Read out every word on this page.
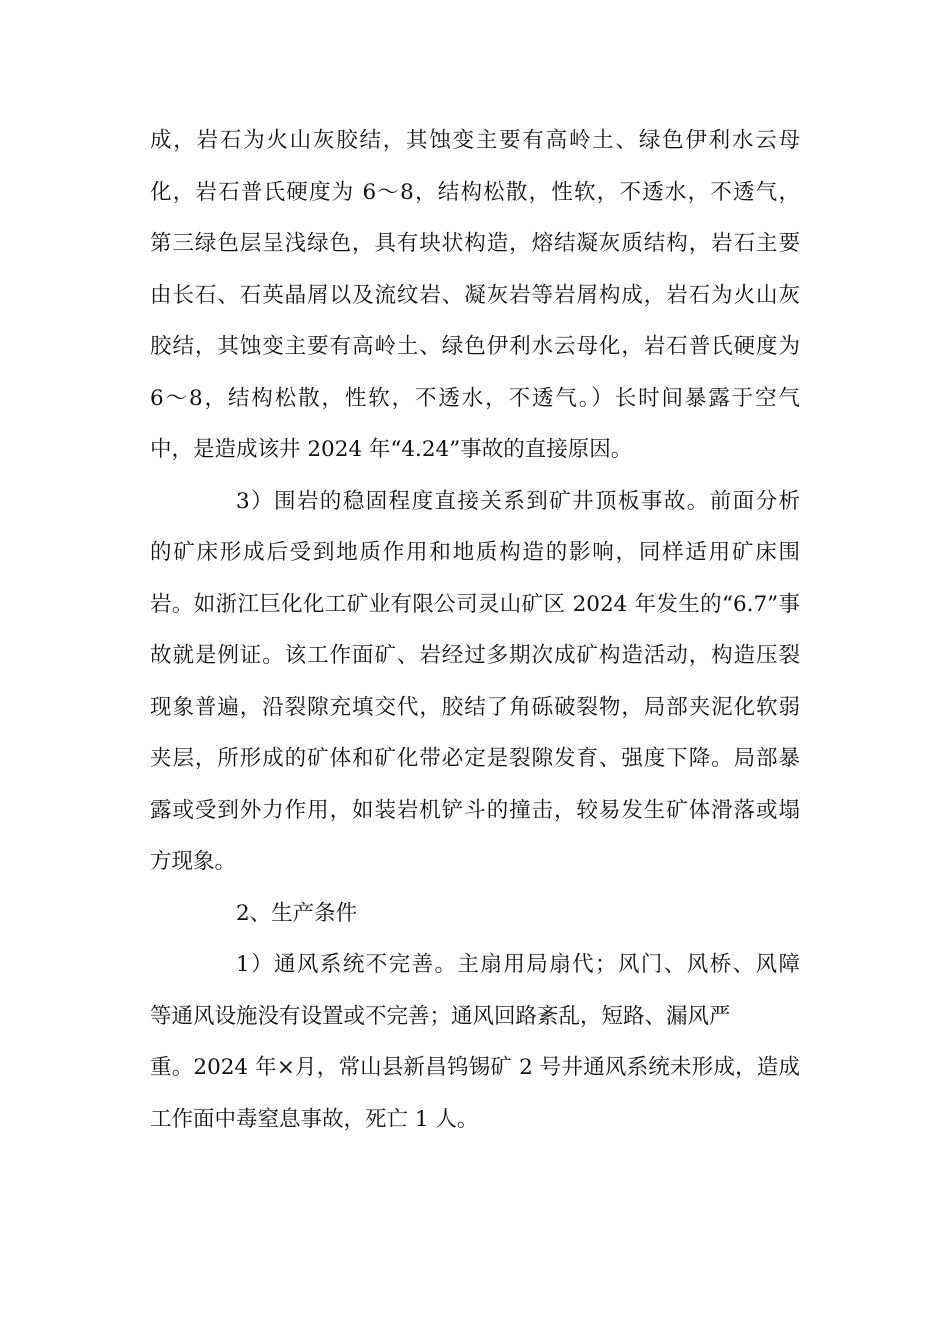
成，岩石为火山灰胶结，其蚀变主要有高岭土、绿色伊利水云母
化，岩石普氏硬度为 6～8，结构松散，性软，不透水，不透气，
第三绿色层呈浅绿色，具有块状构造，熔结凝灰质结构，岩石主要
由长石、石英晶屑以及流纹岩、凝灰岩等岩屑构成，岩石为火山灰
胶结，其蚀变主要有高岭土、绿色伊利水云母化，岩石普氏硬度为
6～8，结构松散，性软，不透水，不透气。）长时间暴露于空气
中，是造成该井 2024 年“4.24”事故的直接原因。
3）围岩的稳固程度直接关系到矿井顶板事故。前面分析
的矿床形成后受到地质作用和地质构造的影响，同样适用矿床围
岩。如浙江巨化化工矿业有限公司灵山矿区 2024 年发生的“6.7”事
故就是例证。该工作面矿、岩经过多期次成矿构造活动，构造压裂
现象普遍，沿裂隙充填交代，胶结了角砾破裂物，局部夹泥化软弱
夹层，所形成的矿体和矿化带必定是裂隙发育、强度下降。局部暴
露或受到外力作用，如装岩机铲斗的撞击，较易发生矿体滑落或塌
方现象。
2、生产条件
1）通风系统不完善。主扇用局扇代；风门、风桥、风障
等通风设施没有设置或不完善；通风回路紊乱，短路、漏风严
重。2024 年×月，常山县新昌钨锡矿 2 号井通风系统未形成，造成
工作面中毒窒息事故，死亡 1 人。
